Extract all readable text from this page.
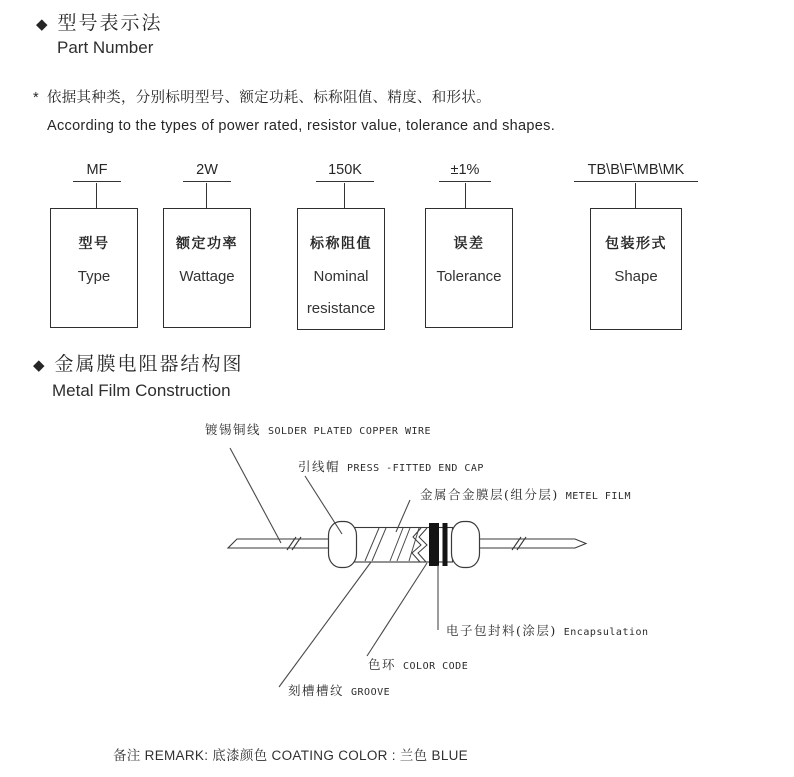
◆ 型号表示法
Part Number
* 依据其种类，分别标明型号、额定功耗、标称阻值、精度、和形状。
According to the types of power rated, resistor value, tolerance and shapes.
MF	2W	150K	±1%	TB\B\F\MB\MK
型号
Type
额定功率
Wattage
标称阻值
Nominal
resistance
误差
Tolerance
包装形式
Shape
◆ 金属膜电阻器结构图
Metal Film Construction
镀锡铜线 SOLDER PLATED COPPER WIRE
引线帽 PRESS -FITTED END CAP
金属合金膜层(组分层) METEL FILM
电子包封料(涂层) Encapsulation
色环 COLOR CODE
刻槽槽纹 GROOVE
备注 REMARK: 底漆颜色 COATING COLOR : 兰色 BLUE
